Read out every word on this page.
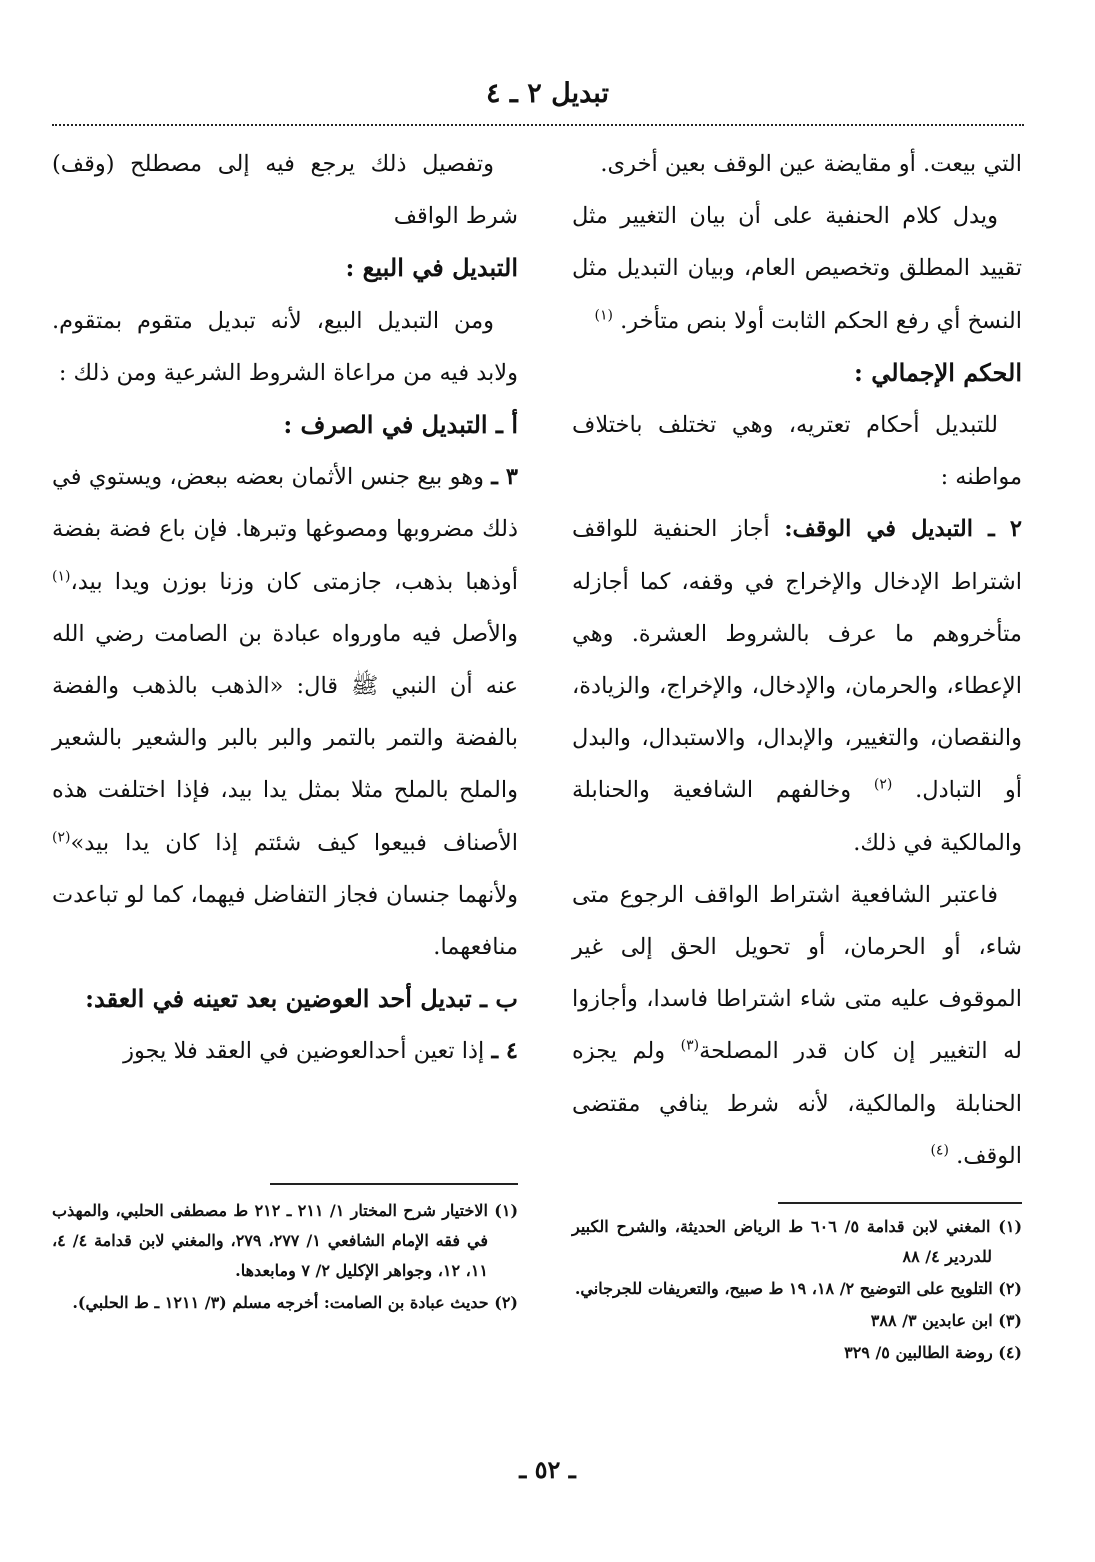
تبديل ٢ ـ ٤

التي بيعت. أو مقايضة عين الوقف بعين أخرى.

ويدل كلام الحنفية على أن بيان التغيير مثل تقييد المطلق وتخصيص العام، وبيان التبديل مثل النسخ أي رفع الحكم الثابت أولا بنص متأخر. $^{(١)}$

الحكم الإجمالي :

للتبديل أحكام تعتريه، وهي تختلف باختلاف مواطنه :

٢ ـ التبديل في الوقف: أجاز الحنفية للواقف اشتراط الإدخال والإخراج في وقفه، كما أجازله متأخروهم ما عرف بالشروط العشرة. وهي الإعطاء، والحرمان، والإدخال، والإخراج، والزيادة، والنقصان، والتغيير، والإبدال، والاستبدال، والبدل أو التبادل. $^{(٢)}$ وخالفهم الشافعية والحنابلة والمالكية في ذلك.

فاعتبر الشافعية اشتراط الواقف الرجوع متى شاء، أو الحرمان، أو تحويل الحق إلى غير الموقوف عليه متى شاء اشتراطا فاسدا، وأجازوا له التغيير إن كان قدر المصلحة$^{(٣)}$ ولم يجزه الحنابلة والمالكية، لأنه شرط ينافي مقتضى الوقف. $^{(٤)}$

وتفصيل ذلك يرجع فيه إلى مصطلح (وقف) شرط الواقف

التبديل في البيع :

ومن التبديل البيع، لأنه تبديل متقوم بمتقوم. ولابد فيه من مراعاة الشروط الشرعية ومن ذلك :

أ ـ التبديل في الصرف :

٣ ـ وهو بيع جنس الأثمان بعضه ببعض، ويستوي في ذلك مضروبها ومصوغها وتبرها. فإن باع فضة بفضة أوذهبا بذهب، جازمتى كان وزنا بوزن ويدا بيد،$^{(١)}$ والأصل فيه ماورواه عبادة بن الصامت رضي الله عنه أن النبي ﷺ قال: «الذهب بالذهب والفضة بالفضة والتمر بالتمر والبر بالبر والشعير بالشعير والملح بالملح مثلا بمثل يدا بيد، فإذا اختلفت هذه الأصناف فبيعوا كيف شئتم إذا كان يدا بيد»$^{(٢)}$ ولأنهما جنسان فجاز التفاضل فيهما، كما لو تباعدت منافعهما.

ب ـ تبديل أحد العوضين بعد تعينه في العقد:

٤ ـ إذا تعين أحدالعوضين في العقد فلا يجوز

(١) المغني لابن قدامة ٥/ ٦٠٦ ط الرياض الحديثة، والشرح الكبير للدردير ٤/ ٨٨

(٢) التلويح على التوضيح ٢/ ١٨، ١٩ ط صبيح، والتعريفات للجرجاني.

(٣) ابن عابدين ٣/ ٣٨٨

(٤) روضة الطالبين ٥/ ٣٢٩

(١) الاختيار شرح المختار ١/ ٢١١ ـ ٢١٢ ط مصطفى الحلبي، والمهذب في فقه الإمام الشافعي ١/ ٢٧٧، ٢٧٩، والمغني لابن قدامة ٤/ ٤، ١١، ١٢، وجواهر الإكليل ٢/ ٧ ومابعدها.

(٢) حديث عبادة بن الصامت: أخرجه مسلم (٣/ ١٢١١ ـ ط الحلبي).

ـ ٥٢ ـ
